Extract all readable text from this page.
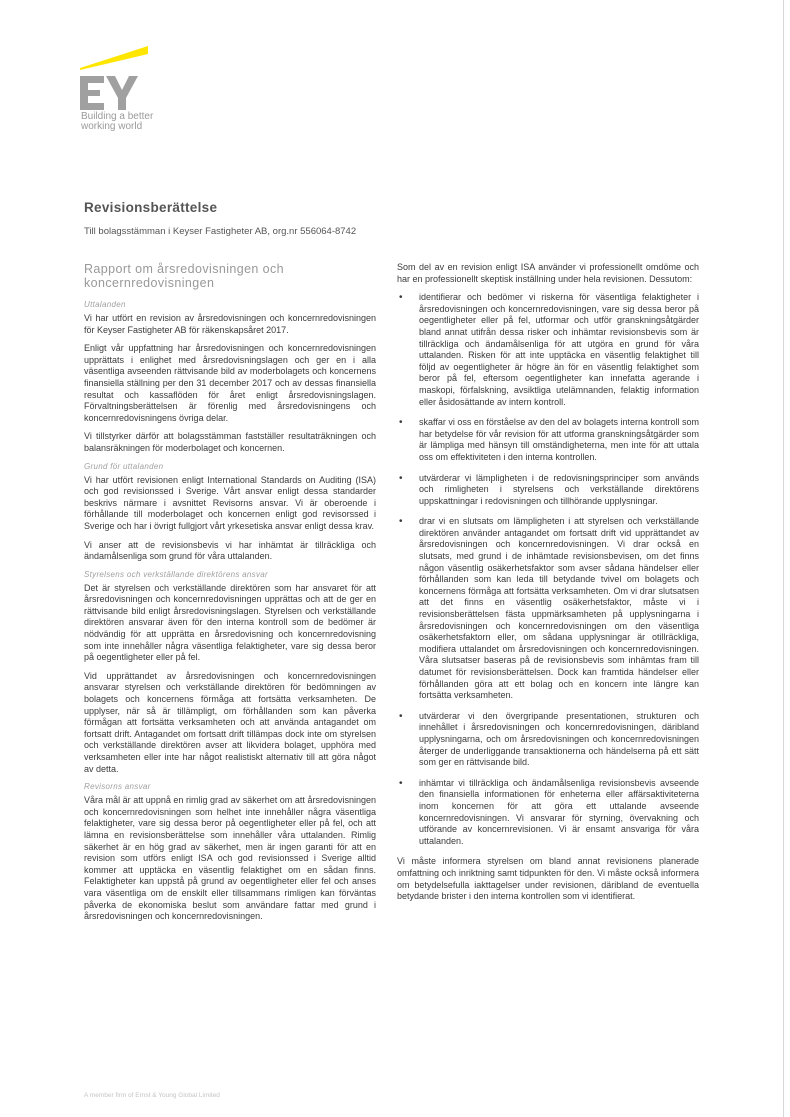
Building a better
working world
Revisionsberättelse
Till bolagsstämman i Keyser Fastigheter AB, org.nr 556064-8742
Rapport om årsredovisningen och
koncernredovisningen
Uttalanden

Vi har utfört en revision av årsredovisningen och koncernredovisningen för Keyser Fastigheter AB för räkenskapsåret 2017.

Enligt vår uppfattning har årsredovisningen och koncernredovisningen upprättats i enlighet med årsredovisningslagen och ger en i alla väsentliga avseenden rättvisande bild av moderbolagets och koncernens finansiella ställning per den 31 december 2017 och av dessas finansiella resultat och kassaflöden för året enligt årsredovisningslagen. Förvaltningsberättelsen är förenlig med årsredovisningens och koncernredovisningens övriga delar.

Vi tillstyrker därför att bolagsstämman fastställer resultaträkningen och balansräkningen för moderbolaget och koncernen.

Grund för uttalanden

Vi har utfört revisionen enligt International Standards on Auditing (ISA) och god revisionssed i Sverige. Vårt ansvar enligt dessa standarder beskrivs närmare i avsnittet Revisorns ansvar. Vi är oberoende i förhållande till moderbolaget och koncernen enligt god revisorssed i Sverige och har i övrigt fullgjort vårt yrkesetiska ansvar enligt dessa krav.

Vi anser att de revisionsbevis vi har inhämtat är tillräckliga och ändamålsenliga som grund för våra uttalanden.

Styrelsens och verkställande direktörens ansvar

Det är styrelsen och verkställande direktören som har ansvaret för att årsredovisningen och koncernredovisningen upprättas och att de ger en rättvisande bild enligt årsredovisningslagen. Styrelsen och verkställande direktören ansvarar även för den interna kontroll som de bedömer är nödvändig för att upprätta en årsredovisning och koncernredovisning som inte innehåller några väsentliga felaktigheter, vare sig dessa beror på oegentligheter eller på fel.

Vid upprättandet av årsredovisningen och koncernredovisningen ansvarar styrelsen och verkställande direktören för bedömningen av bolagets och koncernens förmåga att fortsätta verksamheten. De upplyser, när så är tillämpligt, om förhållanden som kan påverka förmågan att fortsätta verksamheten och att använda antagandet om fortsatt drift. Antagandet om fortsatt drift tillämpas dock inte om styrelsen och verkställande direktören avser att likvidera bolaget, upphöra med verksamheten eller inte har något realistiskt alternativ till att göra något av detta.

Revisorns ansvar

Våra mål är att uppnå en rimlig grad av säkerhet om att årsredovisningen och koncernredovisningen som helhet inte innehåller några väsentliga felaktigheter, vare sig dessa beror på oegentligheter eller på fel, och att lämna en revisionsberättelse som innehåller våra uttalanden. Rimlig säkerhet är en hög grad av säkerhet, men är ingen garanti för att en revision som utförs enligt ISA och god revisionssed i Sverige alltid kommer att upptäcka en väsentlig felaktighet om en sådan finns. Felaktigheter kan uppstå på grund av oegentligheter eller fel och anses vara väsentliga om de enskilt eller tillsammans rimligen kan förväntas påverka de ekonomiska beslut som användare fattar med grund i årsredovisningen och koncernredovisningen.

Som del av en revision enligt ISA använder vi professionellt omdöme och har en professionellt skeptisk inställning under hela revisionen. Dessutom:

• identifierar och bedömer vi riskerna för väsentliga felaktigheter i årsredovisningen och koncernredovisningen, vare sig dessa beror på oegentligheter eller på fel, utformar och utför granskningsåtgärder bland annat utifrån dessa risker och inhämtar revisionsbevis som är tillräckliga och ändamålsenliga för att utgöra en grund för våra uttalanden. Risken för att inte upptäcka en väsentlig felaktighet till följd av oegentligheter är högre än för en väsentlig felaktighet som beror på fel, eftersom oegentligheter kan innefatta agerande i maskopi, förfalskning, avsiktliga utelämnanden, felaktig information eller åsidosättande av intern kontroll.
• skaffar vi oss en förståelse av den del av bolagets interna kontroll som har betydelse för vår revision för att utforma granskningsåtgärder som är lämpliga med hänsyn till omständigheterna, men inte för att uttala oss om effektiviteten i den interna kontrollen.
• utvärderar vi lämpligheten i de redovisningsprinciper som används och rimligheten i styrelsens och verkställande direktörens uppskattningar i redovisningen och tillhörande upplysningar.
• drar vi en slutsats om lämpligheten i att styrelsen och verkställande direktören använder antagandet om fortsatt drift vid upprättandet av årsredovisningen och koncernredovisningen. Vi drar också en slutsats, med grund i de inhämtade revisionsbevisen, om det finns någon väsentlig osäkerhetsfaktor som avser sådana händelser eller förhållanden som kan leda till betydande tvivel om bolagets och koncernens förmåga att fortsätta verksamheten. Om vi drar slutsatsen att det finns en väsentlig osäkerhetsfaktor, måste vi i revisionsberättelsen fästa uppmärksamheten på upplysningarna i årsredovisningen och koncernredovisningen om den väsentliga osäkerhetsfaktorn eller, om sådana upplysningar är otillräckliga, modifiera uttalandet om årsredovisningen och koncernredovisningen. Våra slutsatser baseras på de revisionsbevis som inhämtas fram till datumet för revisionsberättelsen. Dock kan framtida händelser eller förhållanden göra att ett bolag och en koncern inte längre kan fortsätta verksamheten.
• utvärderar vi den övergripande presentationen, strukturen och innehållet i årsredovisningen och koncernredovisningen, däribland upplysningarna, och om årsredovisningen och koncernredovisningen återger de underliggande transaktionerna och händelserna på ett sätt som ger en rättvisande bild.
• inhämtar vi tillräckliga och ändamålsenliga revisionsbevis avseende den finansiella informationen för enheterna eller affärsaktiviteterna inom koncernen för att göra ett uttalande avseende koncernredovisningen. Vi ansvarar för styrning, övervakning och utförande av koncernrevisionen. Vi är ensamt ansvariga för våra uttalanden.

Vi måste informera styrelsen om bland annat revisionens planerade omfattning och inriktning samt tidpunkten för den. Vi måste också informera om betydelsefulla iakttagelser under revisionen, däribland de eventuella betydande brister i den interna kontrollen som vi identifierat.

A member firm of Ernst & Young Global Limited
